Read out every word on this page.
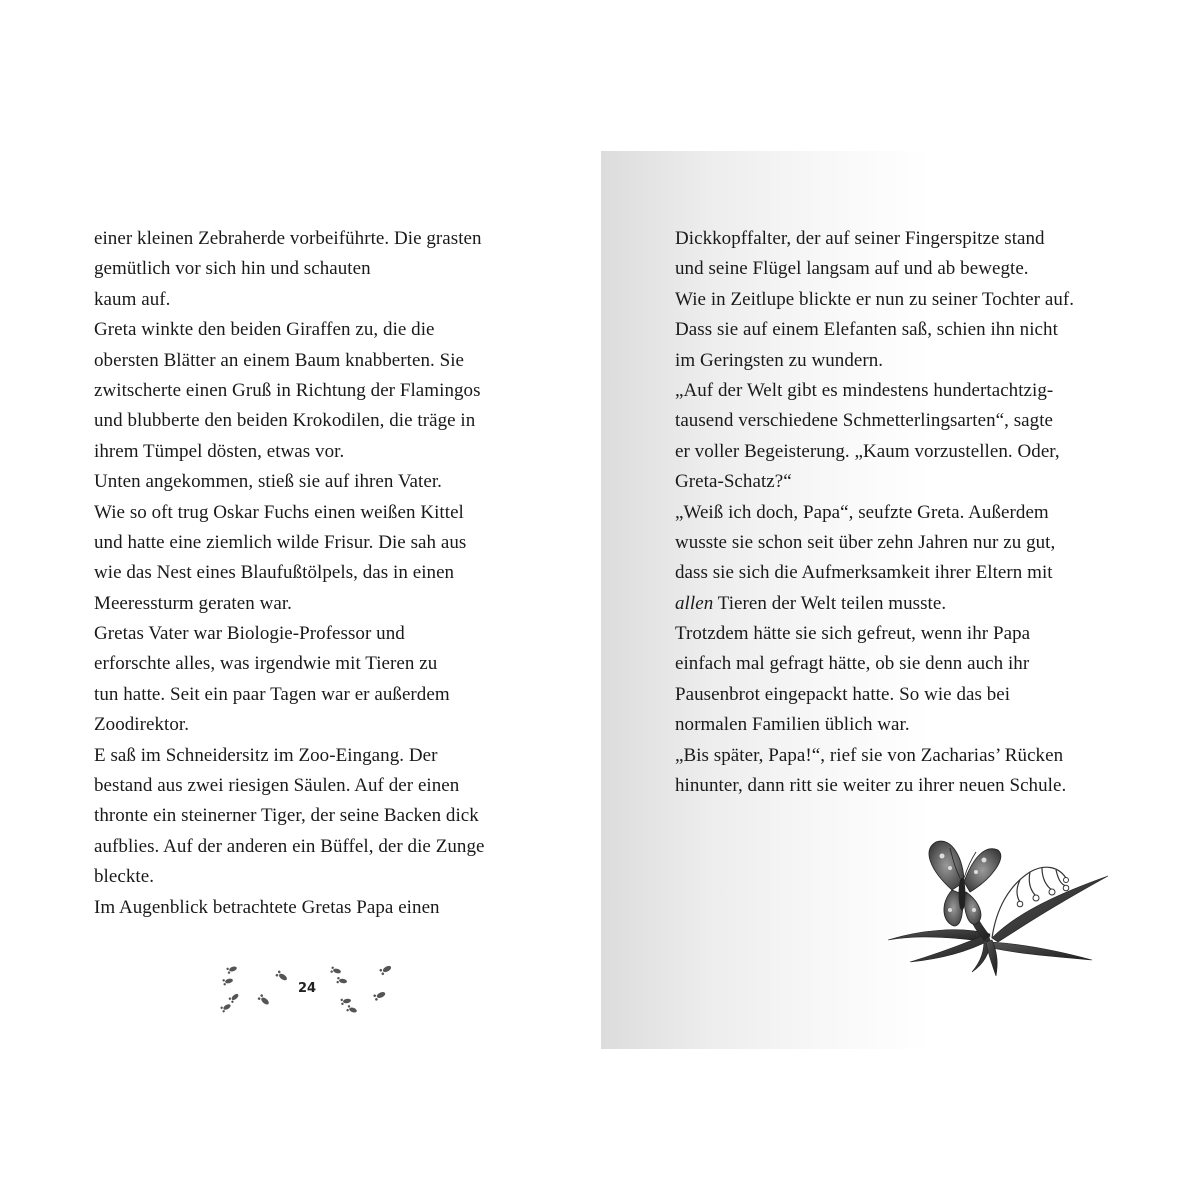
einer kleinen Zebraherde vorbeiführte. Die grasten
gemütlich vor sich hin und schauten
kaum auf.
Greta winkte den beiden Giraffen zu, die die
obersten Blätter an einem Baum knabberten. Sie
zwitscherte einen Gruß in Richtung der Flamingos
und blubberte den beiden Krokodilen, die träge in
ihrem Tümpel dösten, etwas vor.
Unten angekommen, stieß sie auf ihren Vater.
Wie so oft trug Oskar Fuchs einen weißen Kittel
und hatte eine ziemlich wilde Frisur. Die sah aus
wie das Nest eines Blaufußtölpels, das in einen
Meeressturm geraten war.
Gretas Vater war Biologie-Professor und
erforschte alles, was irgendwie mit Tieren zu
tun hatte. Seit ein paar Tagen war er außerdem
Zoodirektor.
E saß im Schneidersitz im Zoo-Eingang. Der
bestand aus zwei riesigen Säulen. Auf der einen
thronte ein steinerner Tiger, der seine Backen dick
aufblies. Auf der anderen ein Büffel, der die Zunge
bleckte.
Im Augenblick betrachtete Gretas Papa einen
24
Dickkopffalter, der auf seiner Fingerspitze stand
und seine Flügel langsam auf und ab bewegte.
Wie in Zeitlupe blickte er nun zu seiner Tochter auf.
Dass sie auf einem Elefanten saß, schien ihn nicht
im Geringsten zu wundern.
„Auf der Welt gibt es mindestens hundertachtzig-
tausend verschiedene Schmetterlingsarten“, sagte
er voller Begeisterung. „Kaum vorzustellen. Oder,
Greta-Schatz?“
„Weiß ich doch, Papa“, seufzte Greta. Außerdem
wusste sie schon seit über zehn Jahren nur zu gut,
dass sie sich die Aufmerksamkeit ihrer Eltern mit
allen Tieren der Welt teilen musste.
Trotzdem hätte sie sich gefreut, wenn ihr Papa
einfach mal gefragt hätte, ob sie denn auch ihr
Pausenbrot eingepackt hatte. So wie das bei
normalen Familien üblich war.
„Bis später, Papa!“, rief sie von Zacharias’ Rücken
hinunter, dann ritt sie weiter zu ihrer neuen Schule.
